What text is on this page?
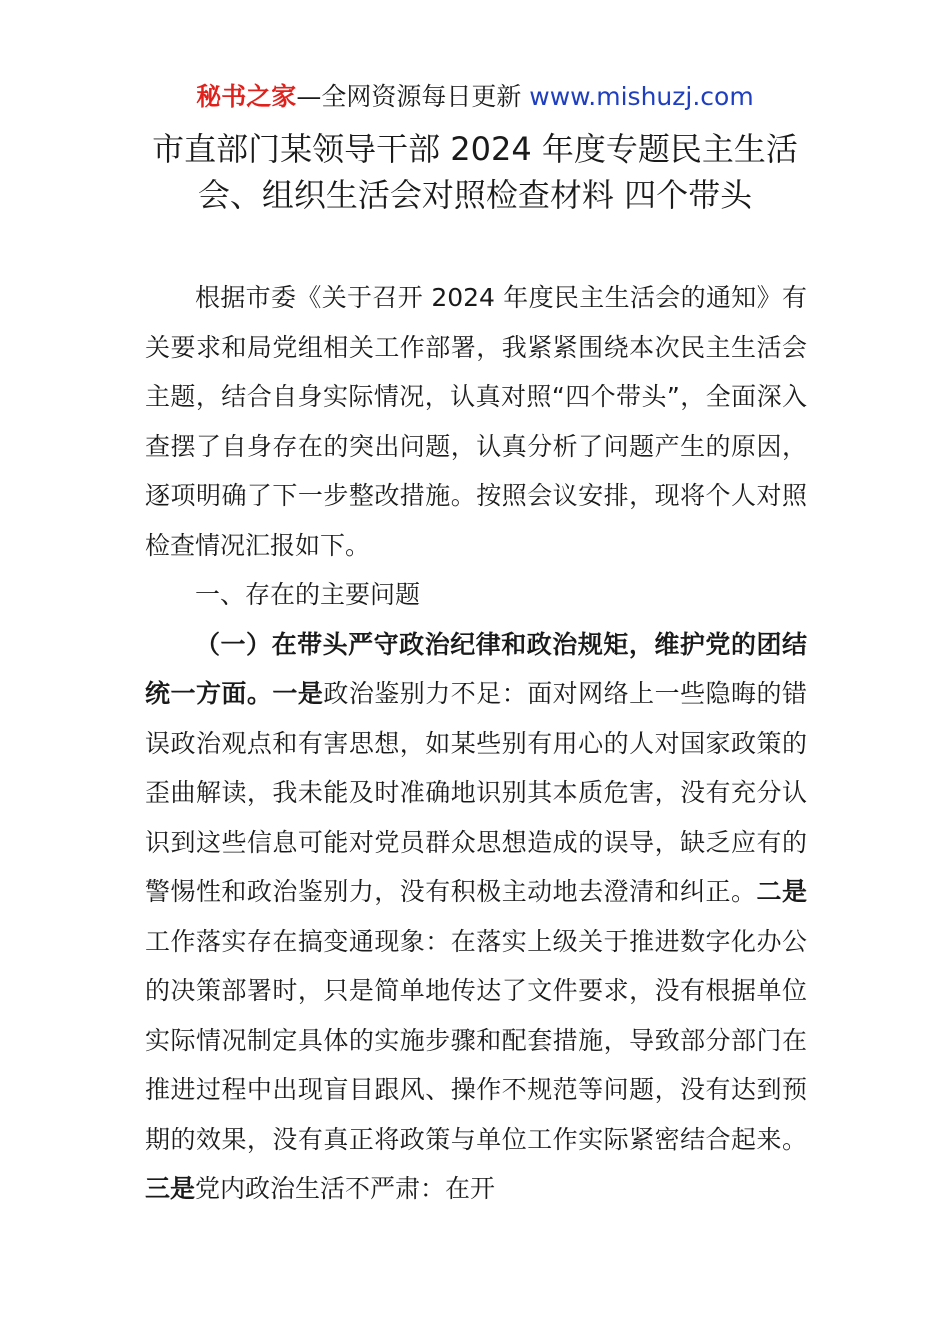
秘书之家—全网资源每日更新 www.mishuzj.com
市直部门某领导干部 2024 年度专题民主生活
会、组织生活会对照检查材料 四个带头

根据市委《关于召开 2024 年度民主生活会的通知》有关要求和局党组相关工作部署，我紧紧围绕本次民主生活会主题，结合自身实际情况，认真对照“四个带头”，全面深入查摆了自身存在的突出问题，认真分析了问题产生的原因，逐项明确了下一步整改措施。按照会议安排，现将个人对照检查情况汇报如下。

一、存在的主要问题

（一）在带头严守政治纪律和政治规矩，维护党的团结统一方面。一是政治鉴别力不足：面对网络上一些隐晦的错误政治观点和有害思想，如某些别有用心的人对国家政策的歪曲解读，我未能及时准确地识别其本质危害，没有充分认识到这些信息可能对党员群众思想造成的误导，缺乏应有的警惕性和政治鉴别力，没有积极主动地去澄清和纠正。二是工作落实存在搞变通现象：在落实上级关于推进数字化办公的决策部署时，只是简单地传达了文件要求，没有根据单位实际情况制定具体的实施步骤和配套措施，导致部分部门在推进过程中出现盲目跟风、操作不规范等问题，没有达到预期的效果，没有真正将政策与单位工作实际紧密结合起来。三是党内政治生活不严肃：在开
